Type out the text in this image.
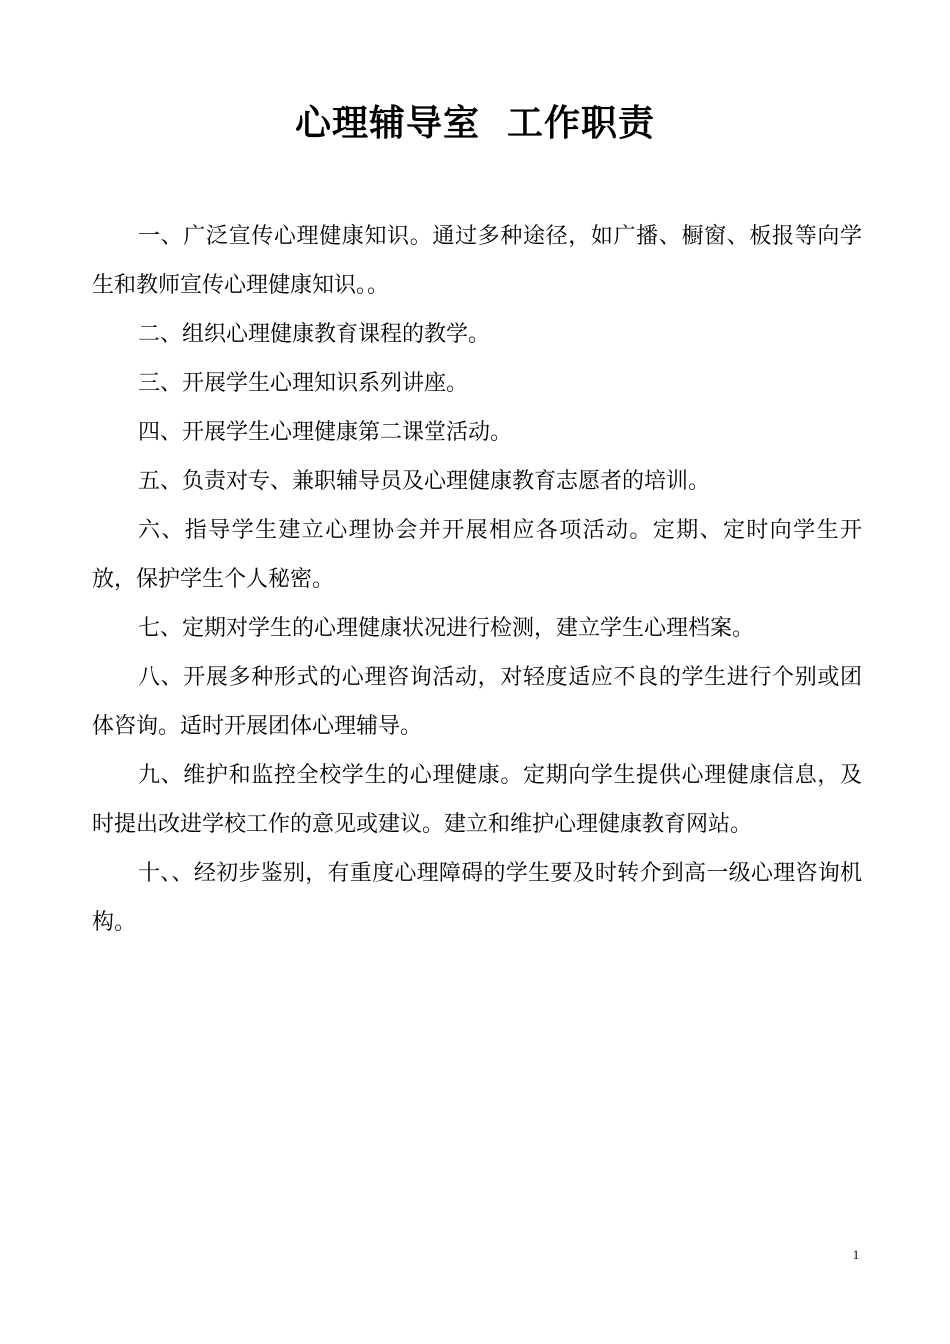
心理辅导室  工作职责

一、广泛宣传心理健康知识。通过多种途径，如广播、橱窗、板报等向学生和教师宣传心理健康知识。。

二、组织心理健康教育课程的教学。

三、开展学生心理知识系列讲座。

四、开展学生心理健康第二课堂活动。

五、负责对专、兼职辅导员及心理健康教育志愿者的培训。

六、指导学生建立心理协会并开展相应各项活动。定期、定时向学生开放，保护学生个人秘密。

七、定期对学生的心理健康状况进行检测，建立学生心理档案。

八、开展多种形式的心理咨询活动，对轻度适应不良的学生进行个别或团体咨询。适时开展团体心理辅导。

九、维护和监控全校学生的心理健康。定期向学生提供心理健康信息，及时提出改进学校工作的意见或建议。建立和维护心理健康教育网站。

十、、经初步鉴别，有重度心理障碍的学生要及时转介到高一级心理咨询机构。

1
